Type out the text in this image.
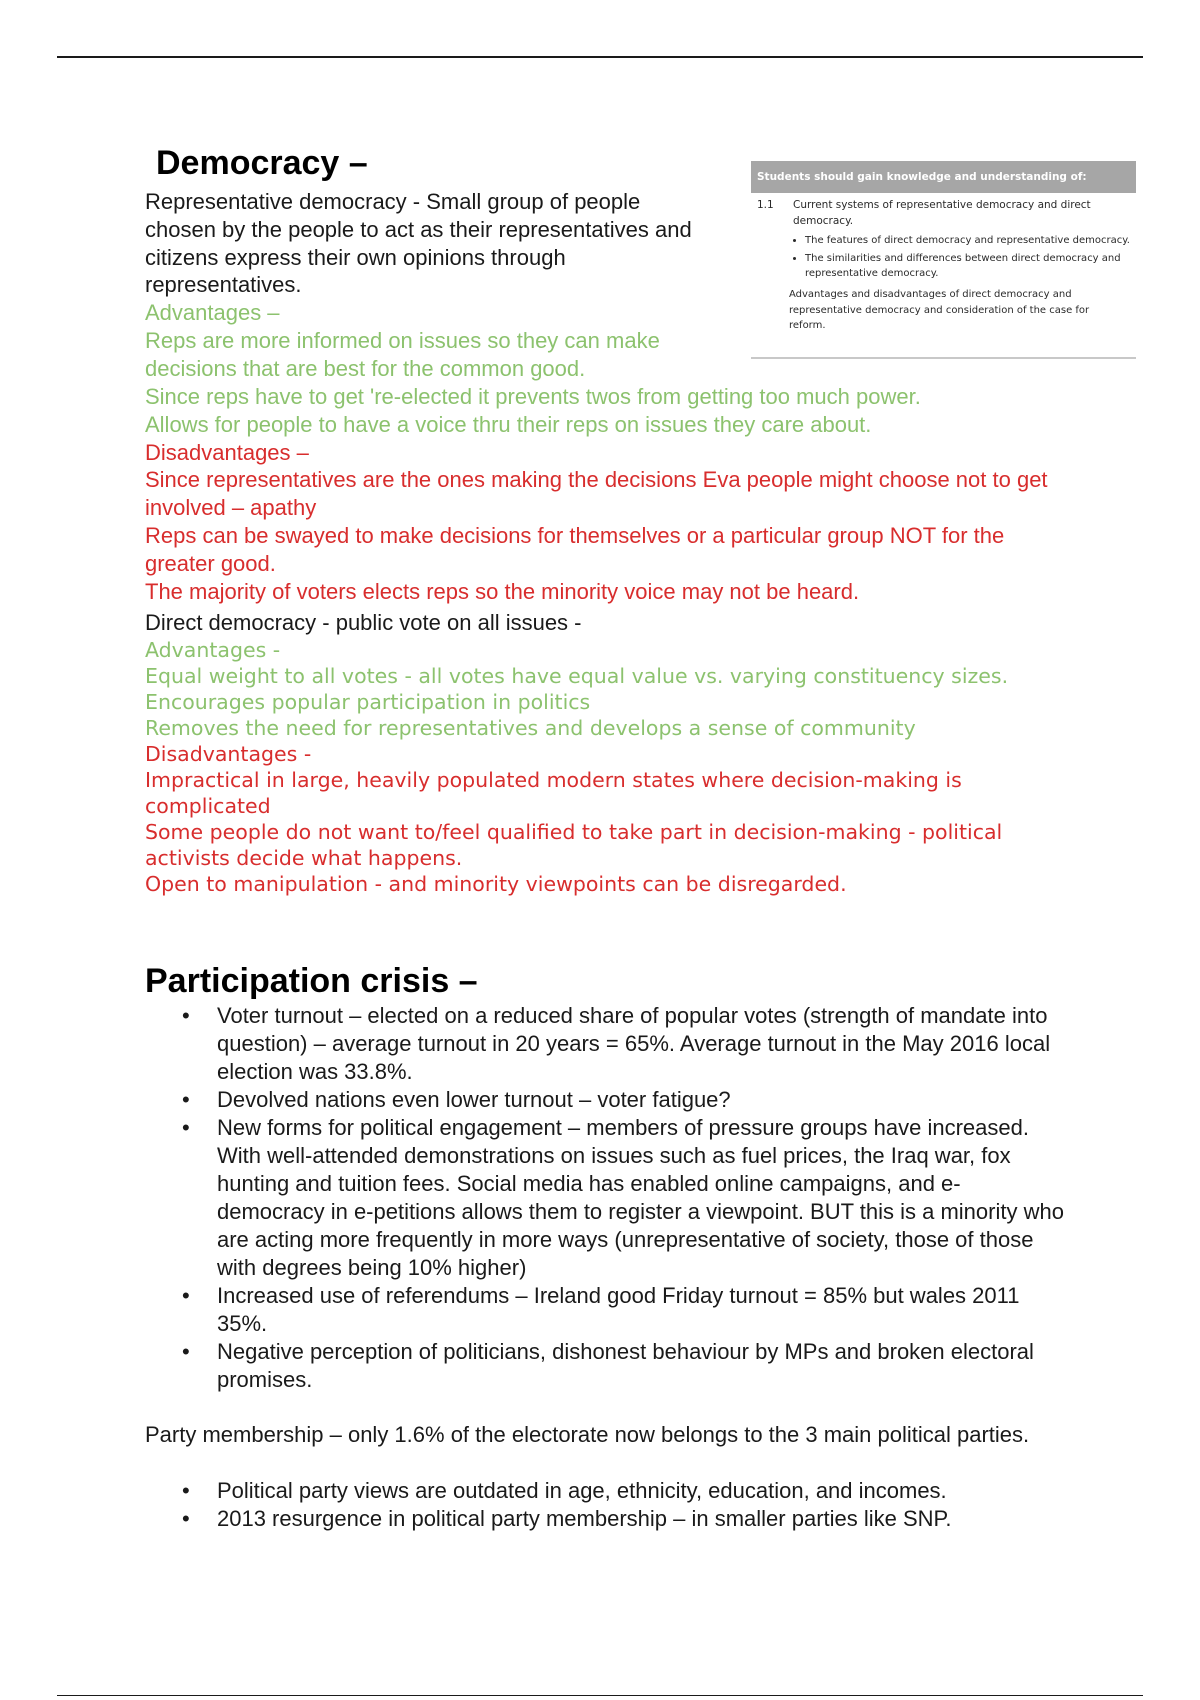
Democracy –

Representative democracy - Small group of people chosen by the people to act as their representatives and citizens express their own opinions through representatives.

Advantages –

Reps are more informed on issues so they can make decisions that are best for the common good.

Students should gain knowledge and understanding of:
1.1	Current systems of representative democracy and direct democracy.
• The features of direct democracy and representative democracy.
• The similarities and differences between direct democracy and representative democracy.
Advantages and disadvantages of direct democracy and representative democracy and consideration of the case for reform.

Since reps have to get 're-elected it prevents twos from getting too much power.

Allows for people to have a voice thru their reps on issues they care about.

Disadvantages –

Since representatives are the ones making the decisions Eva people might choose not to get involved – apathy

Reps can be swayed to make decisions for themselves or a particular group NOT for the greater good.

The majority of voters elects reps so the minority voice may not be heard.

Direct democracy - public vote on all issues -

Advantages -

Equal weight to all votes - all votes have equal value vs. varying constituency sizes.

Encourages popular participation in politics

Removes the need for representatives and develops a sense of community

Disadvantages -

Impractical in large, heavily populated modern states where decision-making is complicated

Some people do not want to/feel qualified to take part in decision-making - political activists decide what happens.

Open to manipulation - and minority viewpoints can be disregarded.

Participation crisis –
• Voter turnout – elected on a reduced share of popular votes (strength of mandate into question) – average turnout in 20 years = 65%. Average turnout in the May 2016 local election was 33.8%.
• Devolved nations even lower turnout – voter fatigue?
• New forms for political engagement – members of pressure groups have increased. With well-attended demonstrations on issues such as fuel prices, the Iraq war, fox hunting and tuition fees. Social media has enabled online campaigns, and e-democracy in e-petitions allows them to register a viewpoint. BUT this is a minority who are acting more frequently in more ways (unrepresentative of society, those of those with degrees being 10% higher)
• Increased use of referendums – Ireland good Friday turnout = 85% but wales 2011 35%.
• Negative perception of politicians, dishonest behaviour by MPs and broken electoral promises.
Party membership – only 1.6% of the electorate now belongs to the 3 main political parties.
• Political party views are outdated in age, ethnicity, education, and incomes.
• 2013 resurgence in political party membership – in smaller parties like SNP.
